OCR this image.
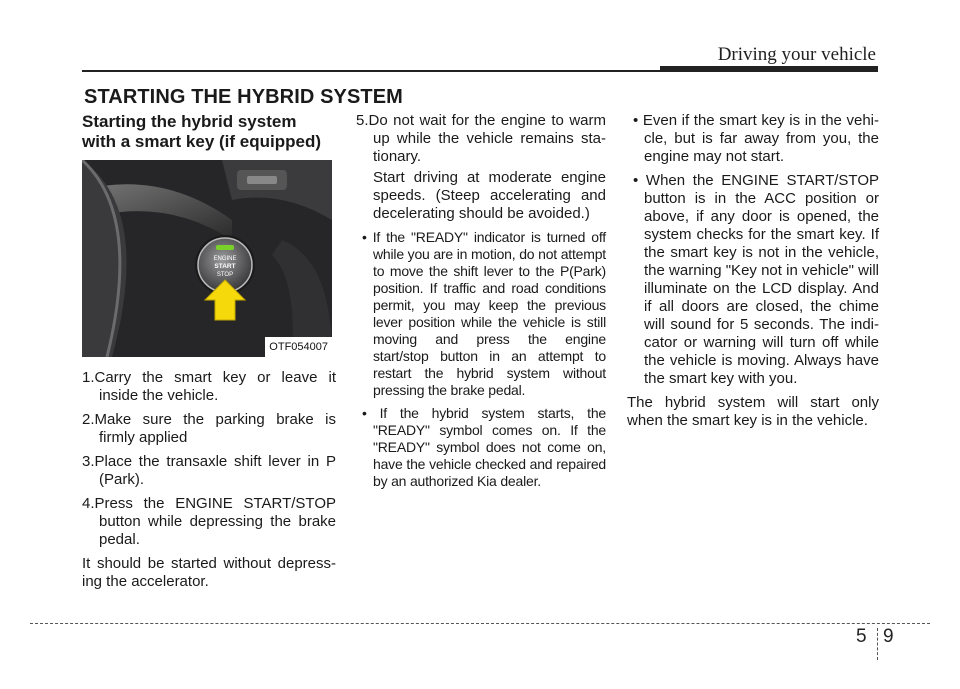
Driving your vehicle
STARTING THE HYBRID SYSTEM
Starting the hybrid system
with a smart key (if equipped)
ENGINE
START
STOP
OTF054007
1.Carry the smart key or leave it inside the vehicle.
2.Make sure the parking brake is firmly applied
3.Place the transaxle shift lever in P (Park).
4.Press the ENGINE START/STOP button while depressing the brake pedal.
It should be started without depress-ing the accelerator.
5.Do not wait for the engine to warm up while the vehicle remains sta-tionary.
Start driving at moderate engine speeds. (Steep accelerating and decelerating should be avoided.)
• If the "READY" indicator is turned off while you are in motion, do not attempt to move the shift lever to the P(Park) position. If traffic and road conditions permit, you may keep the previous lever position while the vehicle is still moving and press the engine start/stop button in an attempt to restart the hybrid system without pressing the brake pedal.
• If the hybrid system starts, the "READY" symbol comes on. If the "READY" symbol does not come on, have the vehicle checked and repaired by an authorized Kia dealer.
• Even if the smart key is in the vehi-cle, but is far away from you, the engine may not start.
• When the ENGINE START/STOP button is in the ACC position or above, if any door is opened, the system checks for the smart key. If the smart key is not in the vehicle, the warning "Key not in vehicle" will illuminate on the LCD display. And if all doors are closed, the chime will sound for 5 seconds. The indi-cator or warning will turn off while the vehicle is moving. Always have the smart key with you.
The hybrid system will start only when the smart key is in the vehicle.
5 9
